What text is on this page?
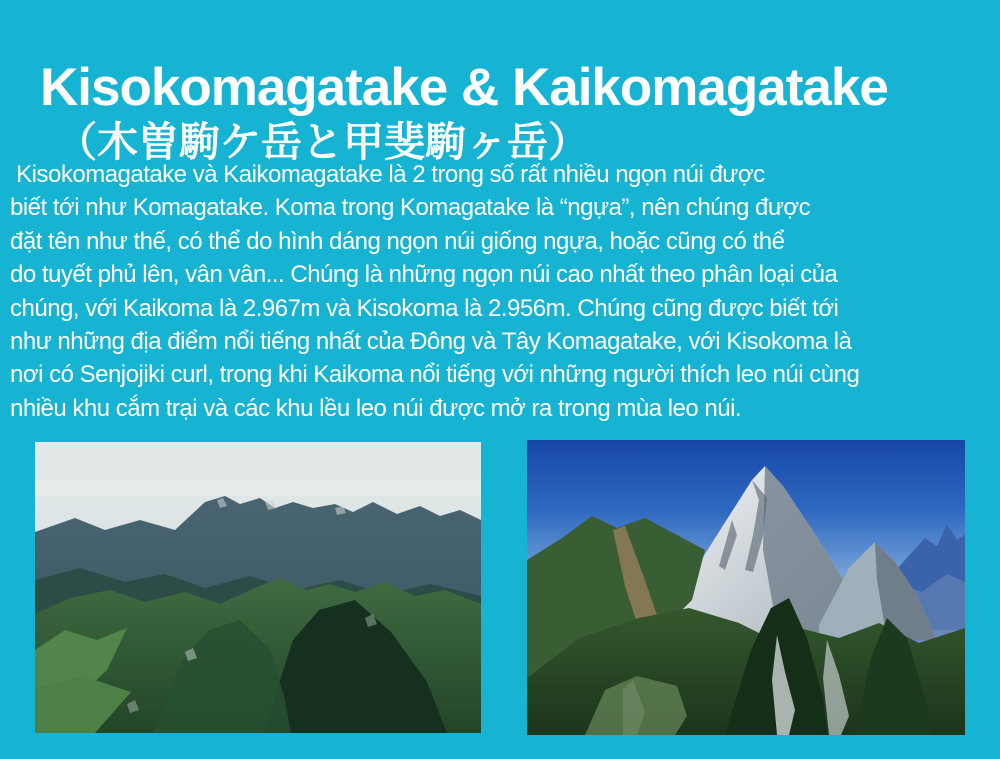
Kisokomagatake & Kaikomagatake
（木曽駒ケ岳と甲斐駒ヶ岳）
Kisokomagatake và Kaikomagatake là 2 trong số rất nhiều ngọn núi được
biết tới như Komagatake. Koma trong Komagatake là “ngựa”, nên chúng được
đặt tên như thế, có thể do hình dáng ngọn núi giống ngựa, hoặc cũng có thể
do tuyết phủ lên, vân vân... Chúng là những ngọn núi cao nhất theo phân loại của
chúng, với Kaikoma là 2.967m và Kisokoma là 2.956m. Chúng cũng được biết tới
như những địa điểm nổi tiếng nhất của Đông và Tây Komagatake, với Kisokoma là
nơi có Senjojiki curl, trong khi Kaikoma nổi tiếng với những người thích leo núi cùng
nhiều khu cắm trại và các khu lều leo núi được mở ra trong mùa leo núi.
